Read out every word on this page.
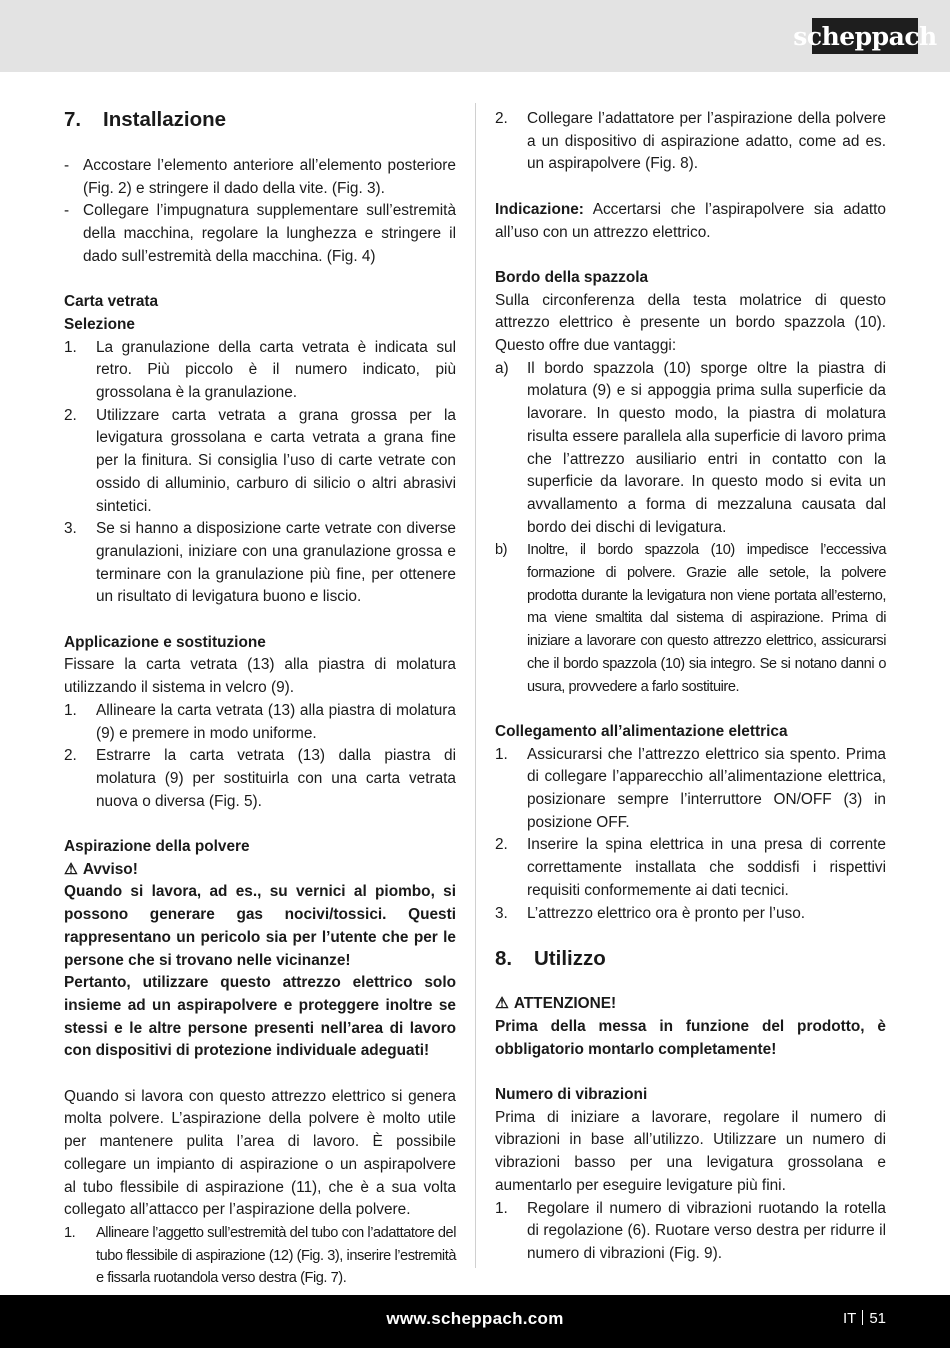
scheppach
7.	Installazione
- Accostare l’elemento anteriore all’elemento posteriore (Fig. 2) e stringere il dado della vite. (Fig. 3).
- Collegare l’impugnatura supplementare sull’estremità della macchina, regolare la lunghezza e stringere il dado sull’estremità della macchina. (Fig. 4)

Carta vetrata

Selezione

1.	La granulazione della carta vetrata è indicata sul retro. Più piccolo è il numero indicato, più grossolana è la granulazione.
2.	Utilizzare carta vetrata a grana grossa per la levigatura grossolana e carta vetrata a grana fine per la finitura. Si consiglia l’uso di carte vetrate con ossido di alluminio, carburo di silicio o altri abrasivi sintetici.
3.	Se si hanno a disposizione carte vetrate con diverse granulazioni, iniziare con una granulazione grossa e terminare con la granulazione più fine, per ottenere un risultato di levigatura buono e liscio.

Applicazione e sostituzione

Fissare la carta vetrata (13) alla piastra di molatura utilizzando il sistema in velcro (9).

1.	Allineare la carta vetrata (13) alla piastra di molatura (9) e premere in modo uniforme.
2.	Estrarre la carta vetrata (13) dalla piastra di molatura (9) per sostituirla con una carta vetrata nuova o diversa (Fig. 5).

Aspirazione della polvere

⚠ Avviso!

Quando si lavora, ad es., su vernici al piombo, si possono generare gas nocivi/tossici. Questi rappresentano un pericolo sia per l’utente che per le persone che si trovano nelle vicinanze!

Pertanto, utilizzare questo attrezzo elettrico solo insieme ad un aspirapolvere e proteggere inoltre se stessi e le altre persone presenti nell’area di lavoro con dispositivi di protezione individuale adeguati!

Quando si lavora con questo attrezzo elettrico si genera molta polvere. L’aspirazione della polvere è molto utile per mantenere pulita l’area di lavoro. È possibile collegare un impianto di aspirazione o un aspirapolvere al tubo flessibile di aspirazione (11), che è a sua volta collegato all’attacco per l’aspirazione della polvere.

1.	Allineare l’aggetto sull’estremità del tubo con l’adattatore del tubo flessibile di aspirazione (12) (Fig. 3), inserire l’estremità e fissarla ruotandola verso destra (Fig. 7).
2.	Collegare l’adattatore per l’aspirazione della polvere a un dispositivo di aspirazione adatto, come ad es. un aspirapolvere (Fig. 8).

Indicazione: Accertarsi che l’aspirapolvere sia adatto all’uso con un attrezzo elettrico.

Bordo della spazzola

Sulla circonferenza della testa molatrice di questo attrezzo elettrico è presente un bordo spazzola (10). Questo offre due vantaggi:

a)	Il bordo spazzola (10) sporge oltre la piastra di molatura (9) e si appoggia prima sulla superficie da lavorare. In questo modo, la piastra di molatura risulta essere parallela alla superficie di lavoro prima che l’attrezzo ausiliario entri in contatto con la superficie da lavorare. In questo modo si evita un avvallamento a forma di mezzaluna causata dal bordo dei dischi di levigatura.
b)	Inoltre, il bordo spazzola (10) impedisce l’eccessiva formazione di polvere. Grazie alle setole, la polvere prodotta durante la levigatura non viene portata all’esterno, ma viene smaltita dal sistema di aspirazione. Prima di iniziare a lavorare con questo attrezzo elettrico, assicurarsi che il bordo spazzola (10) sia integro. Se si notano danni o usura, provvedere a farlo sostituire.

Collegamento all’alimentazione elettrica

1.	Assicurarsi che l’attrezzo elettrico sia spento. Prima di collegare l’apparecchio all’alimentazione elettrica, posizionare sempre l’interruttore ON/OFF (3) in posizione OFF.
2.	Inserire la spina elettrica in una presa di corrente correttamente installata che soddisfi i rispettivi requisiti conformemente ai dati tecnici.
3.	L’attrezzo elettrico ora è pronto per l’uso.
8.	Utilizzo

⚠ ATTENZIONE!

Prima della messa in funzione del prodotto, è obbligatorio montarlo completamente!

Numero di vibrazioni

Prima di iniziare a lavorare, regolare il numero di vibrazioni in base all’utilizzo. Utilizzare un numero di vibrazioni basso per una levigatura grossolana e aumentarlo per eseguire levigature più fini.

1.	Regolare il numero di vibrazioni ruotando la rotella di regolazione (6). Ruotare verso destra per ridurre il numero di vibrazioni (Fig. 9).
www.scheppach.com	IT 51
